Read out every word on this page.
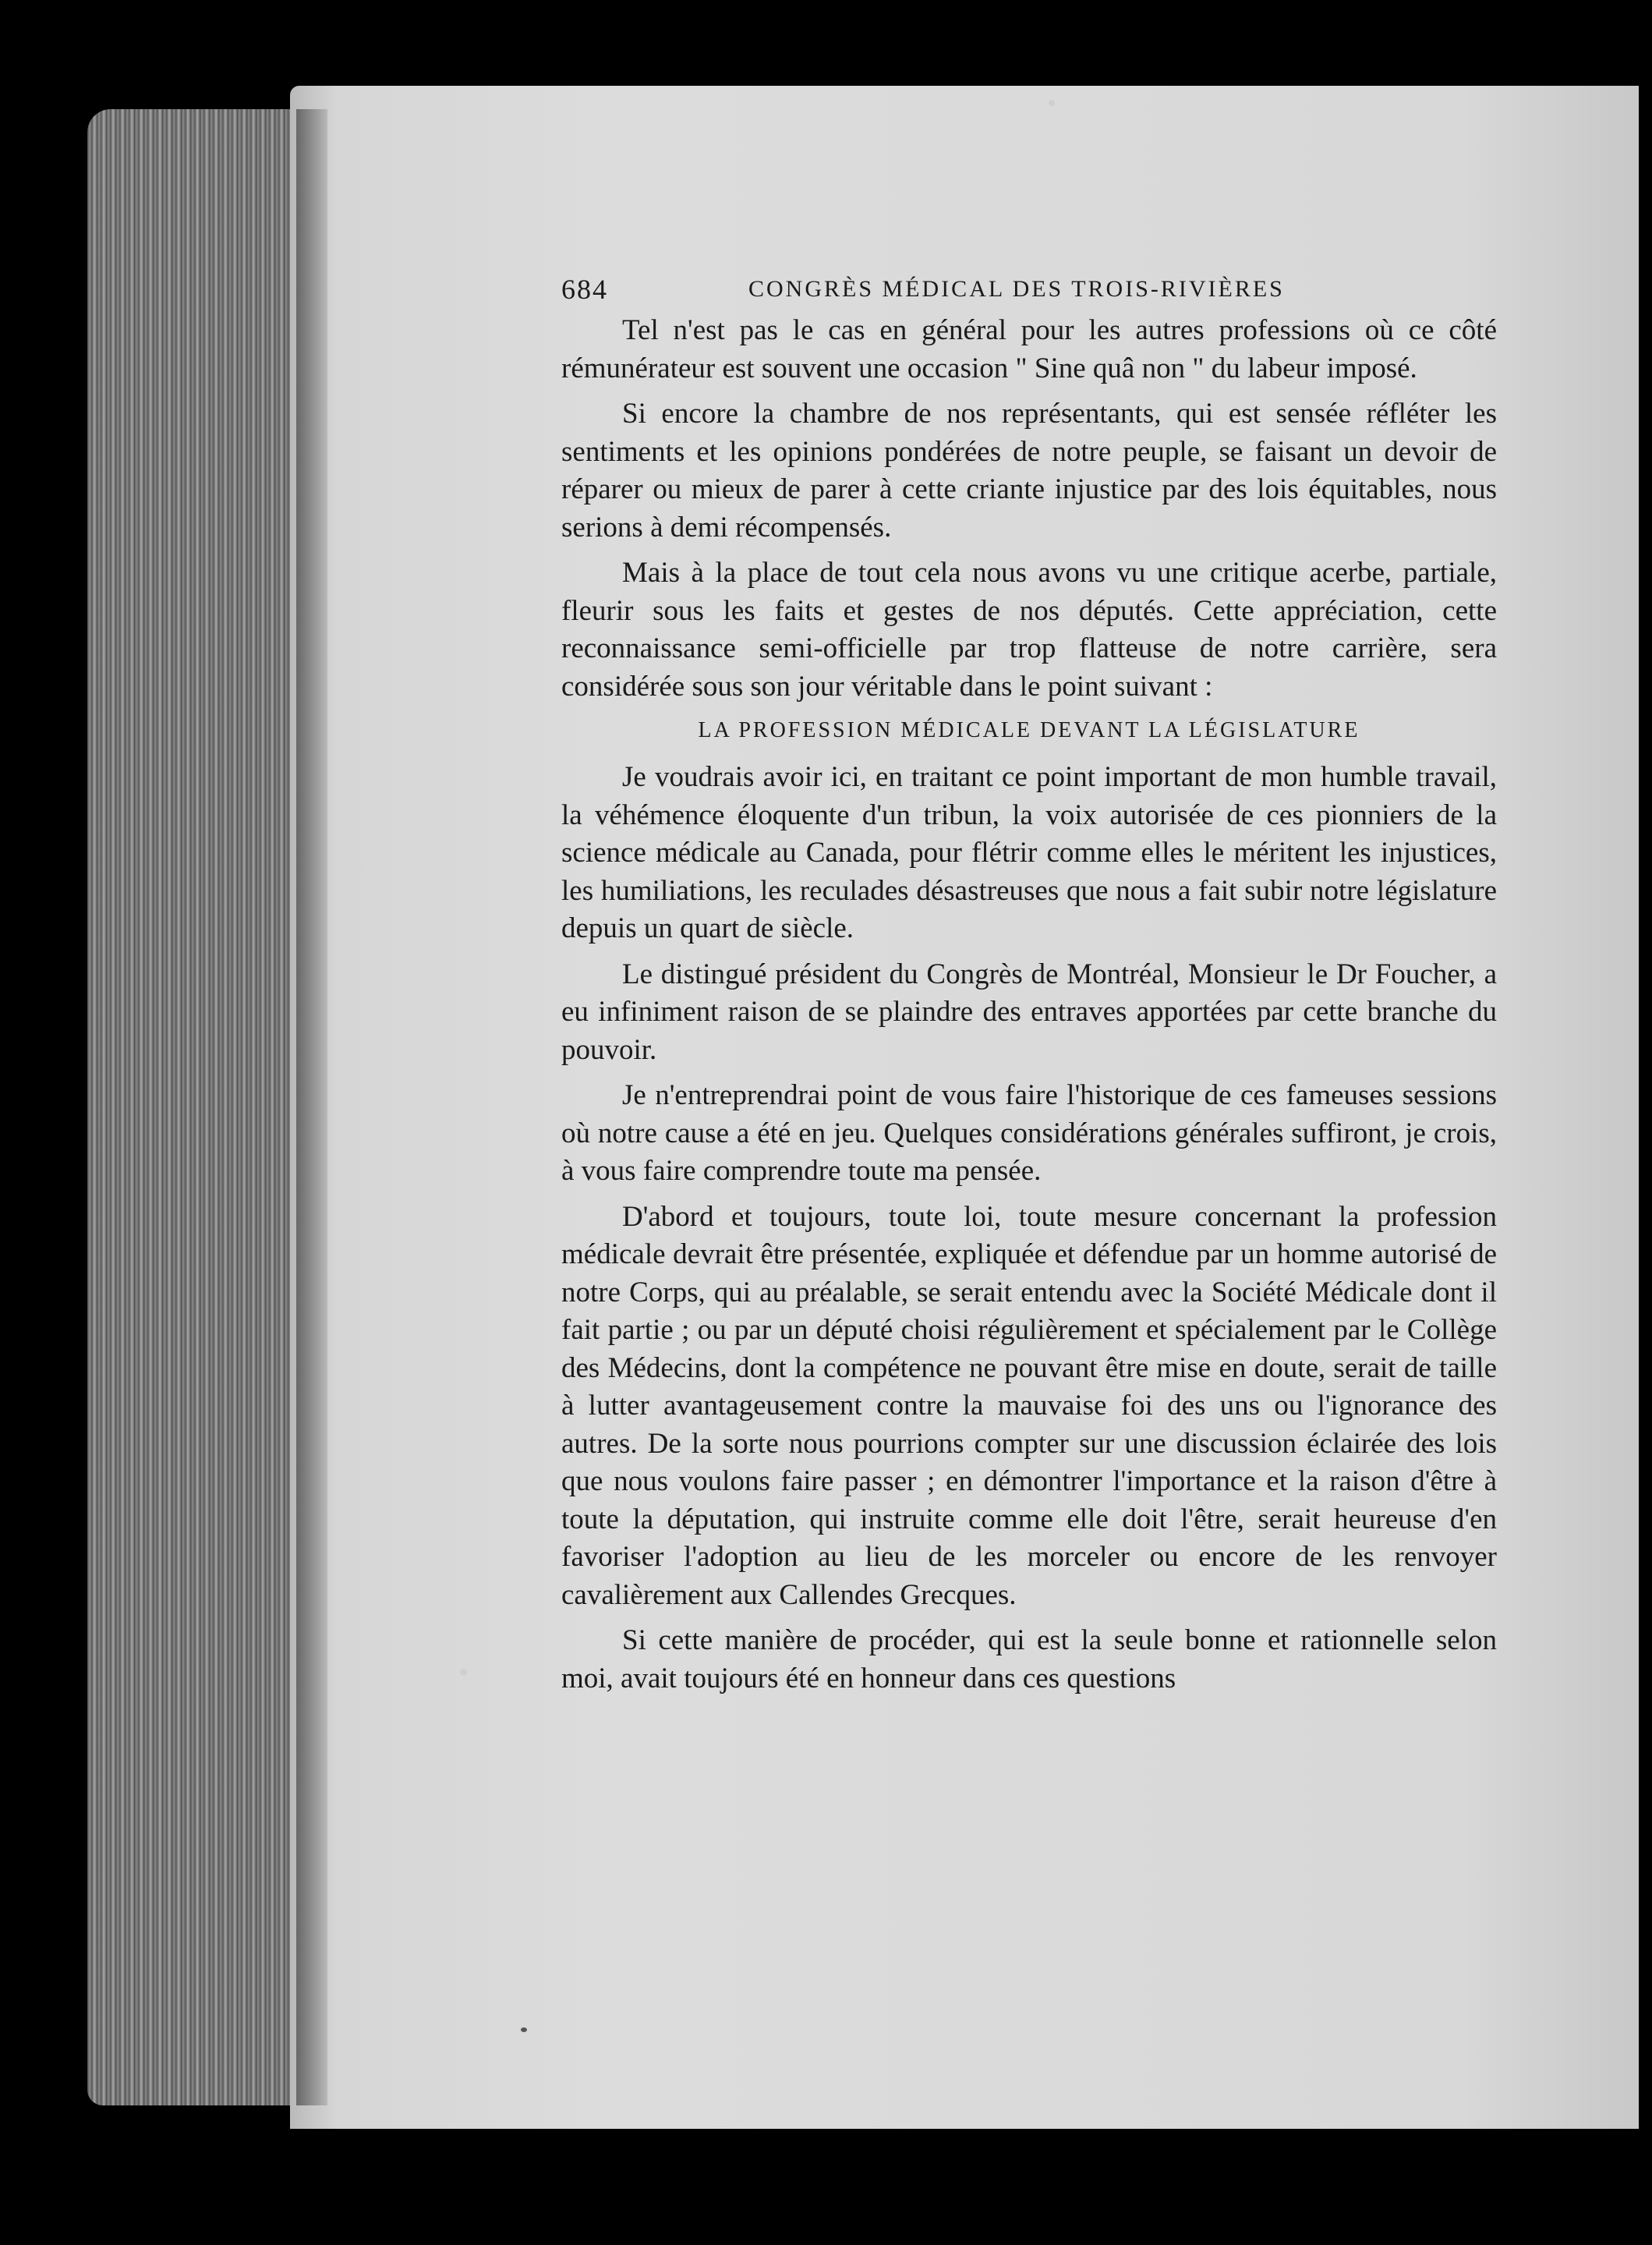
684	CONGRÈS MÉDICAL DES TROIS-RIVIÈRES

Tel n'est pas le cas en général pour les autres professions où ce côté rémunérateur est souvent une occasion " Sine quâ non " du labeur imposé.

Si encore la chambre de nos représentants, qui est sensée réfléter les sentiments et les opinions pondérées de notre peuple, se faisant un devoir de réparer ou mieux de parer à cette criante injustice par des lois équitables, nous serions à demi récompensés.

Mais à la place de tout cela nous avons vu une critique acerbe, partiale, fleurir sous les faits et gestes de nos députés. Cette appréciation, cette reconnaissance semi-officielle par trop flatteuse de notre carrière, sera considérée sous son jour véritable dans le point suivant :

LA PROFESSION MÉDICALE DEVANT LA LÉGISLATURE

Je voudrais avoir ici, en traitant ce point important de mon humble travail, la véhémence éloquente d'un tribun, la voix autorisée de ces pionniers de la science médicale au Canada, pour flétrir comme elles le méritent les injustices, les humiliations, les reculades désastreuses que nous a fait subir notre législature depuis un quart de siècle.

Le distingué président du Congrès de Montréal, Monsieur le Dr Foucher, a eu infiniment raison de se plaindre des entraves apportées par cette branche du pouvoir.

Je n'entreprendrai point de vous faire l'historique de ces fameuses sessions où notre cause a été en jeu. Quelques considérations générales suffiront, je crois, à vous faire comprendre toute ma pensée.

D'abord et toujours, toute loi, toute mesure concernant la profession médicale devrait être présentée, expliquée et défendue par un homme autorisé de notre Corps, qui au préalable, se serait entendu avec la Société Médicale dont il fait partie ; ou par un député choisi régulièrement et spécialement par le Collège des Médecins, dont la compétence ne pouvant être mise en doute, serait de taille à lutter avantageusement contre la mauvaise foi des uns ou l'ignorance des autres. De la sorte nous pourrions compter sur une discussion éclairée des lois que nous voulons faire passer ; en démontrer l'importance et la raison d'être à toute la députation, qui instruite comme elle doit l'être, serait heureuse d'en favoriser l'adoption au lieu de les morceler ou encore de les renvoyer cavalièrement aux Callendes Grecques.

Si cette manière de procéder, qui est la seule bonne et rationnelle selon moi, avait toujours été en honneur dans ces questions
